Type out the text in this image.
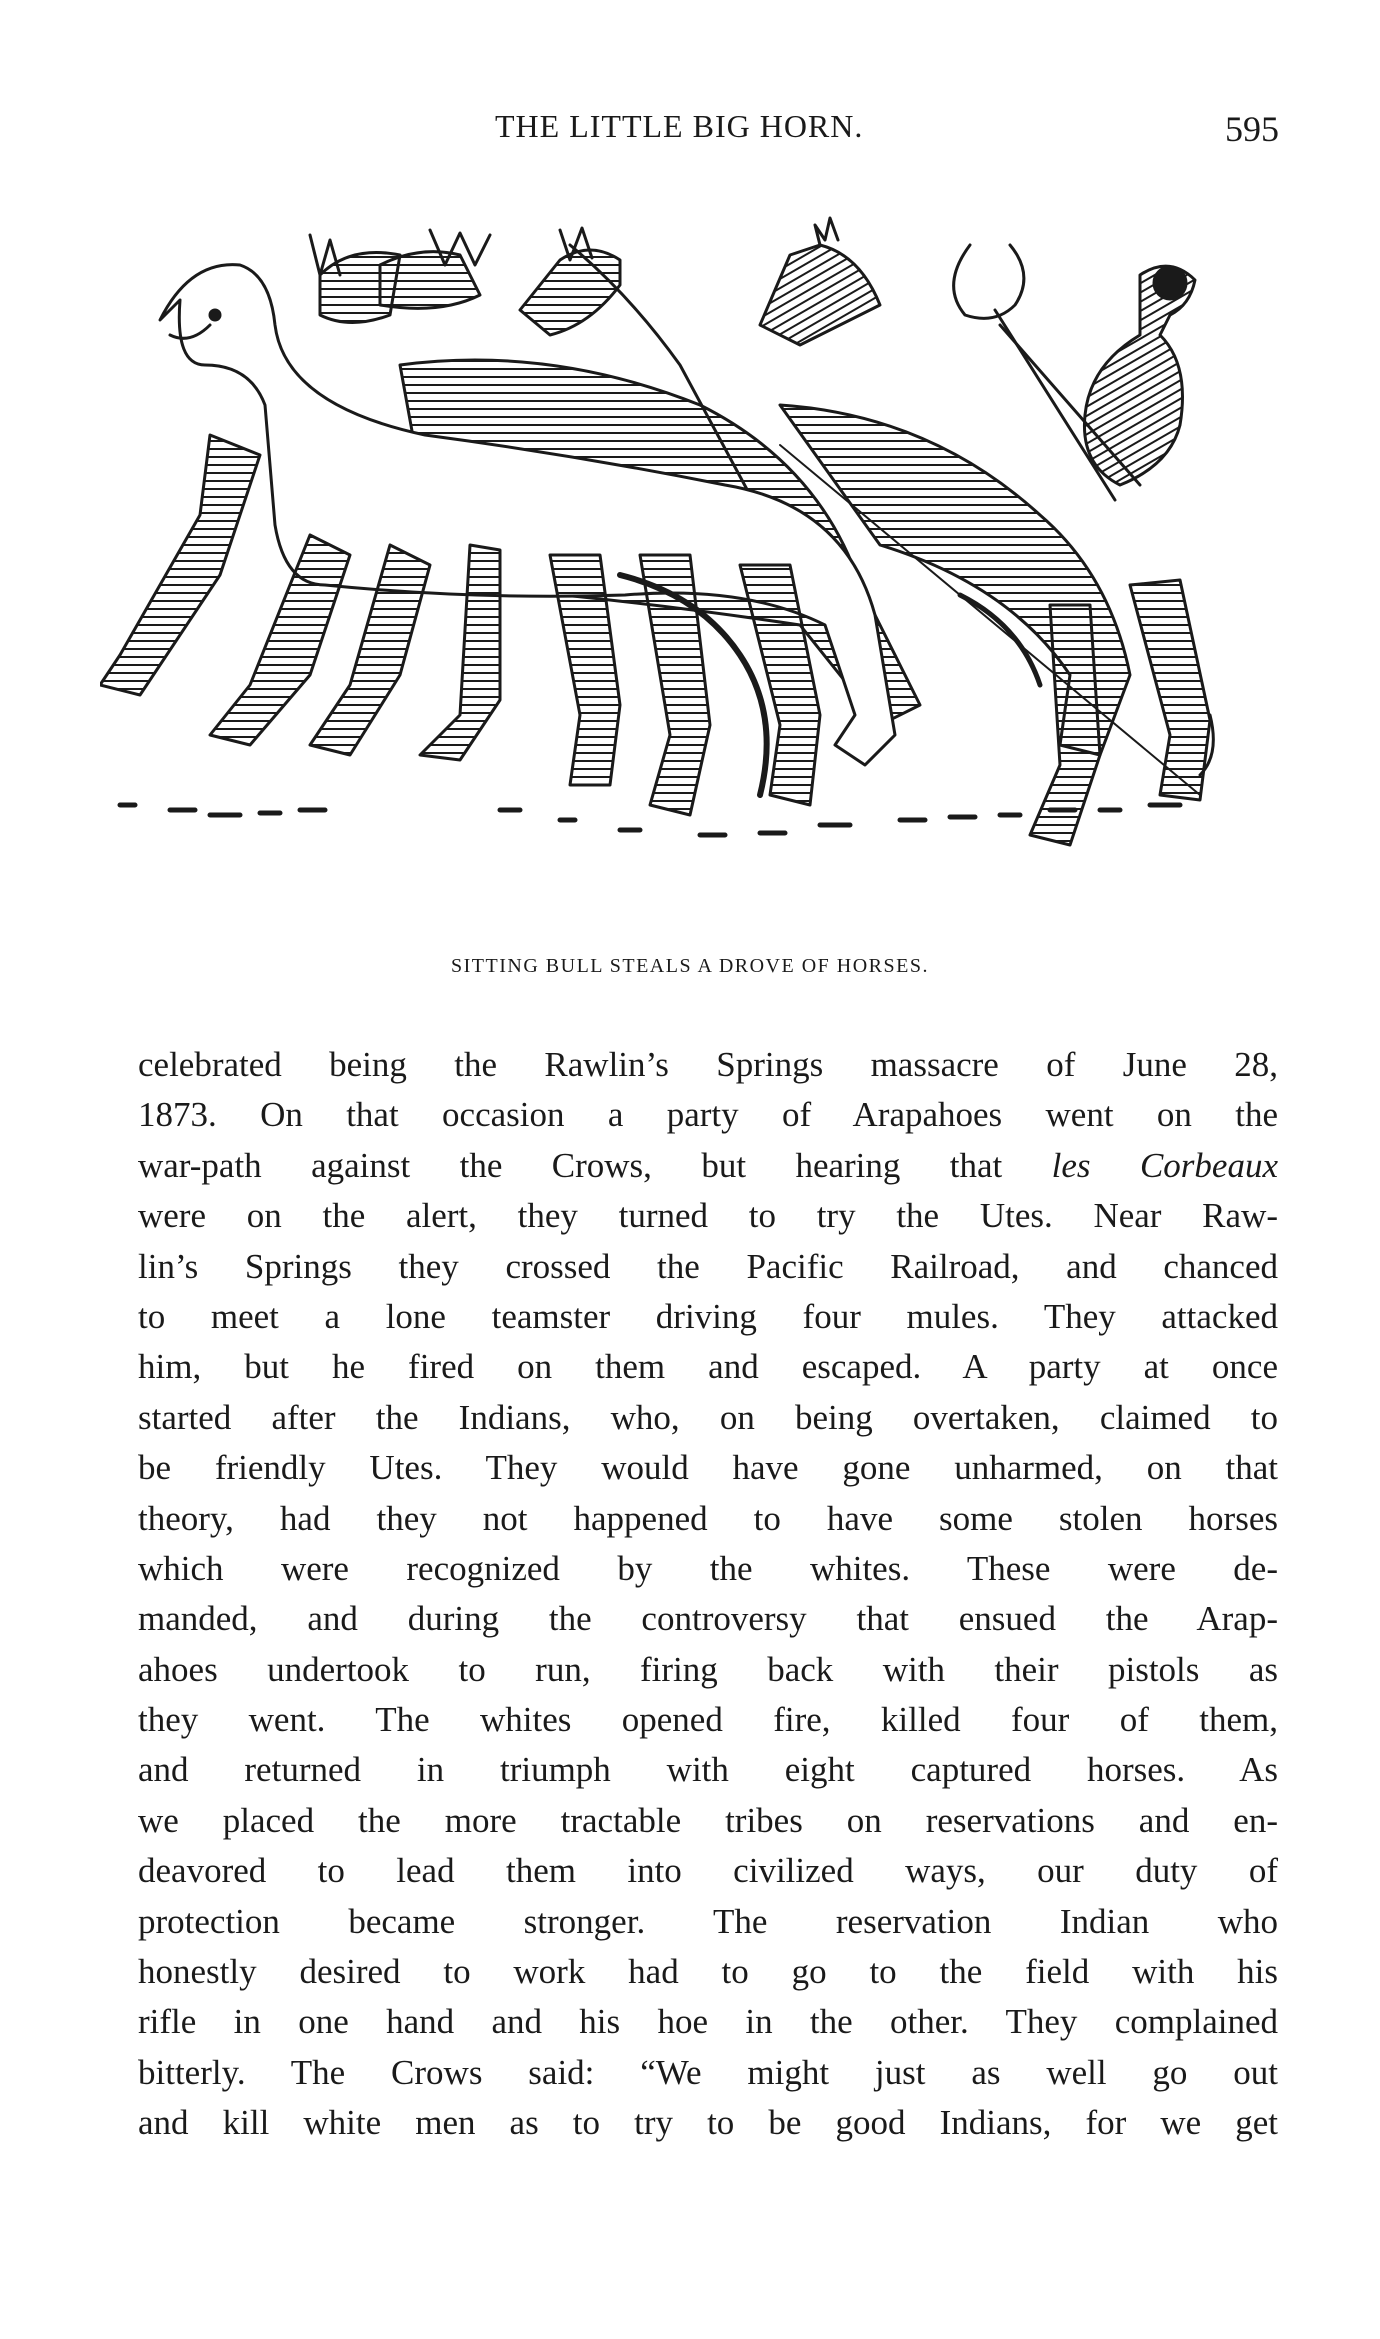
THE LITTLE BIG HORN.	595
SITTING BULL STEALS A DROVE OF HORSES.
celebrated being the Rawlin’s Springs massacre of June 28,
1873. On that occasion a party of Arapahoes went on the
war-path against the Crows, but hearing that les Corbeaux
were on the alert, they turned to try the Utes. Near Raw-
lin’s Springs they crossed the Pacific Railroad, and chanced
to meet a lone teamster driving four mules. They attacked
him, but he fired on them and escaped. A party at once
started after the Indians, who, on being overtaken, claimed to
be friendly Utes. They would have gone unharmed, on that
theory, had they not happened to have some stolen horses
which were recognized by the whites. These were de-
manded, and during the controversy that ensued the Arap-
ahoes undertook to run, firing back with their pistols as
they went. The whites opened fire, killed four of them,
and returned in triumph with eight captured horses. As
we placed the more tractable tribes on reservations and en-
deavored to lead them into civilized ways, our duty of
protection became stronger. The reservation Indian who
honestly desired to work had to go to the field with his
rifle in one hand and his hoe in the other. They complained
bitterly. The Crows said: “We might just as well go out
and kill white men as to try to be good Indians, for we get
